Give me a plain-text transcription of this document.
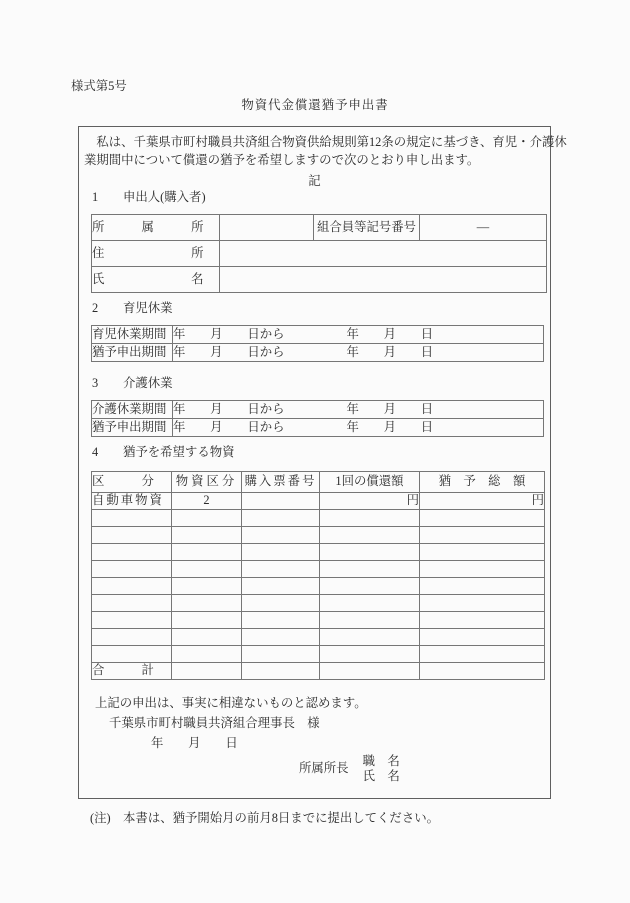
様式第5号
物資代金償還猶予申出書
　私は、千葉県市町村職員共済組合物資供給規則第12条の規定に基づき、育児・介護休
業期間中について償還の猶予を希望しますので次のとおり申し出ます。
記
1　　申出人(購入者)
所　　　属　　　所		組合員等記号番号	―
住　　　　　　　所			
氏　　　　　　　名			
2　　育児休業
育児休業期間	年　　月　　日から　　　　　年　　月　　日
猶予申出期間	年　　月　　日から　　　　　年　　月　　日
3　　介護休業
介護休業期間	年　　月　　日から　　　　　年　　月　　日
猶予申出期間	年　　月　　日から　　　　　年　　月　　日
4　　猶予を希望する物資
区　　　分	物資区分	購入票番号	1回の償還額	猶　予　総　額
自動車物資	2		円	円

合　　　計				
上記の申出は、事実に相違ないものと認めます。
千葉県市町村職員共済組合理事長　様
年　　月　　日
所属所長
職　名
氏　名
(注)　本書は、猶予開始月の前月8日までに提出してください。
